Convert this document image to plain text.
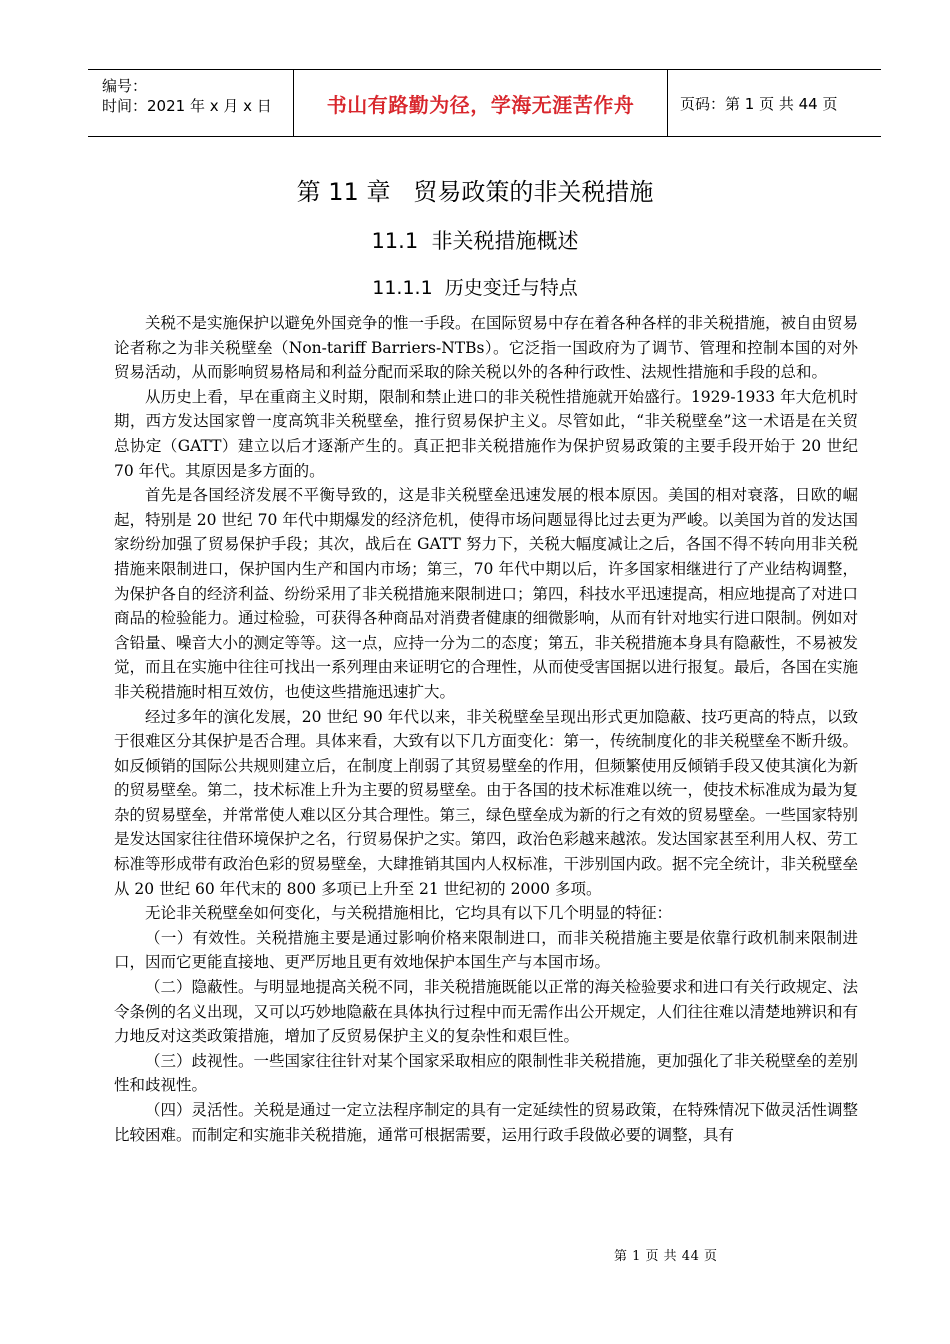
编号：
时间：2021 年 x 月 x 日	书山有路勤为径，学海无涯苦作舟	页码：第 1 页 共 44 页
第 11 章   贸易政策的非关税措施
11.1  非关税措施概述
11.1.1  历史变迁与特点

关税不是实施保护以避免外国竞争的惟一手段。在国际贸易中存在着各种各样的非关税措施，被自由贸易论者称之为非关税壁垒（Non-tariff Barriers-NTBs）。它泛指一国政府为了调节、管理和控制本国的对外贸易活动，从而影响贸易格局和利益分配而采取的除关税以外的各种行政性、法规性措施和手段的总和。

从历史上看，早在重商主义时期，限制和禁止进口的非关税性措施就开始盛行。1929-1933 年大危机时期，西方发达国家曾一度高筑非关税壁垒，推行贸易保护主义。尽管如此，“非关税壁垒”这一术语是在关贸总协定（GATT）建立以后才逐渐产生的。真正把非关税措施作为保护贸易政策的主要手段开始于 20 世纪 70 年代。其原因是多方面的。

首先是各国经济发展不平衡导致的，这是非关税壁垒迅速发展的根本原因。美国的相对衰落，日欧的崛起，特别是 20 世纪 70 年代中期爆发的经济危机，使得市场问题显得比过去更为严峻。以美国为首的发达国家纷纷加强了贸易保护手段；其次，战后在 GATT 努力下，关税大幅度减让之后，各国不得不转向用非关税措施来限制进口，保护国内生产和国内市场；第三，70 年代中期以后，许多国家相继进行了产业结构调整，为保护各自的经济利益、纷纷采用了非关税措施来限制进口；第四，科技水平迅速提高，相应地提高了对进口商品的检验能力。通过检验，可获得各种商品对消费者健康的细微影响，从而有针对地实行进口限制。例如对含铅量、噪音大小的测定等等。这一点，应持一分为二的态度；第五，非关税措施本身具有隐蔽性，不易被发觉，而且在实施中往往可找出一系列理由来证明它的合理性，从而使受害国据以进行报复。最后，各国在实施非关税措施时相互效仿，也使这些措施迅速扩大。

经过多年的演化发展，20 世纪 90 年代以来，非关税壁垒呈现出形式更加隐蔽、技巧更高的特点，以致于很难区分其保护是否合理。具体来看，大致有以下几方面变化：第一，传统制度化的非关税壁垒不断升级。如反倾销的国际公共规则建立后，在制度上削弱了其贸易壁垒的作用，但频繁使用反倾销手段又使其演化为新的贸易壁垒。第二，技术标准上升为主要的贸易壁垒。由于各国的技术标准难以统一，使技术标准成为最为复杂的贸易壁垒，并常常使人难以区分其合理性。第三，绿色壁垒成为新的行之有效的贸易壁垒。一些国家特别是发达国家往往借环境保护之名，行贸易保护之实。第四，政治色彩越来越浓。发达国家甚至利用人权、劳工标准等形成带有政治色彩的贸易壁垒，大肆推销其国内人权标准，干涉别国内政。据不完全统计，非关税壁垒从 20 世纪 60 年代末的 800 多项已上升至 21 世纪初的 2000 多项。

无论非关税壁垒如何变化，与关税措施相比，它均具有以下几个明显的特征：

（一）有效性。关税措施主要是通过影响价格来限制进口，而非关税措施主要是依靠行政机制来限制进口，因而它更能直接地、更严厉地且更有效地保护本国生产与本国市场。

（二）隐蔽性。与明显地提高关税不同，非关税措施既能以正常的海关检验要求和进口有关行政规定、法令条例的名义出现，又可以巧妙地隐蔽在具体执行过程中而无需作出公开规定，人们往往难以清楚地辨识和有力地反对这类政策措施，增加了反贸易保护主义的复杂性和艰巨性。

（三）歧视性。一些国家往往针对某个国家采取相应的限制性非关税措施，更加强化了非关税壁垒的差别性和歧视性。

（四）灵活性。关税是通过一定立法程序制定的具有一定延续性的贸易政策，在特殊情况下做灵活性调整比较困难。而制定和实施非关税措施，通常可根据需要，运用行政手段做必要的调整，具有

第 1 页 共 44 页
